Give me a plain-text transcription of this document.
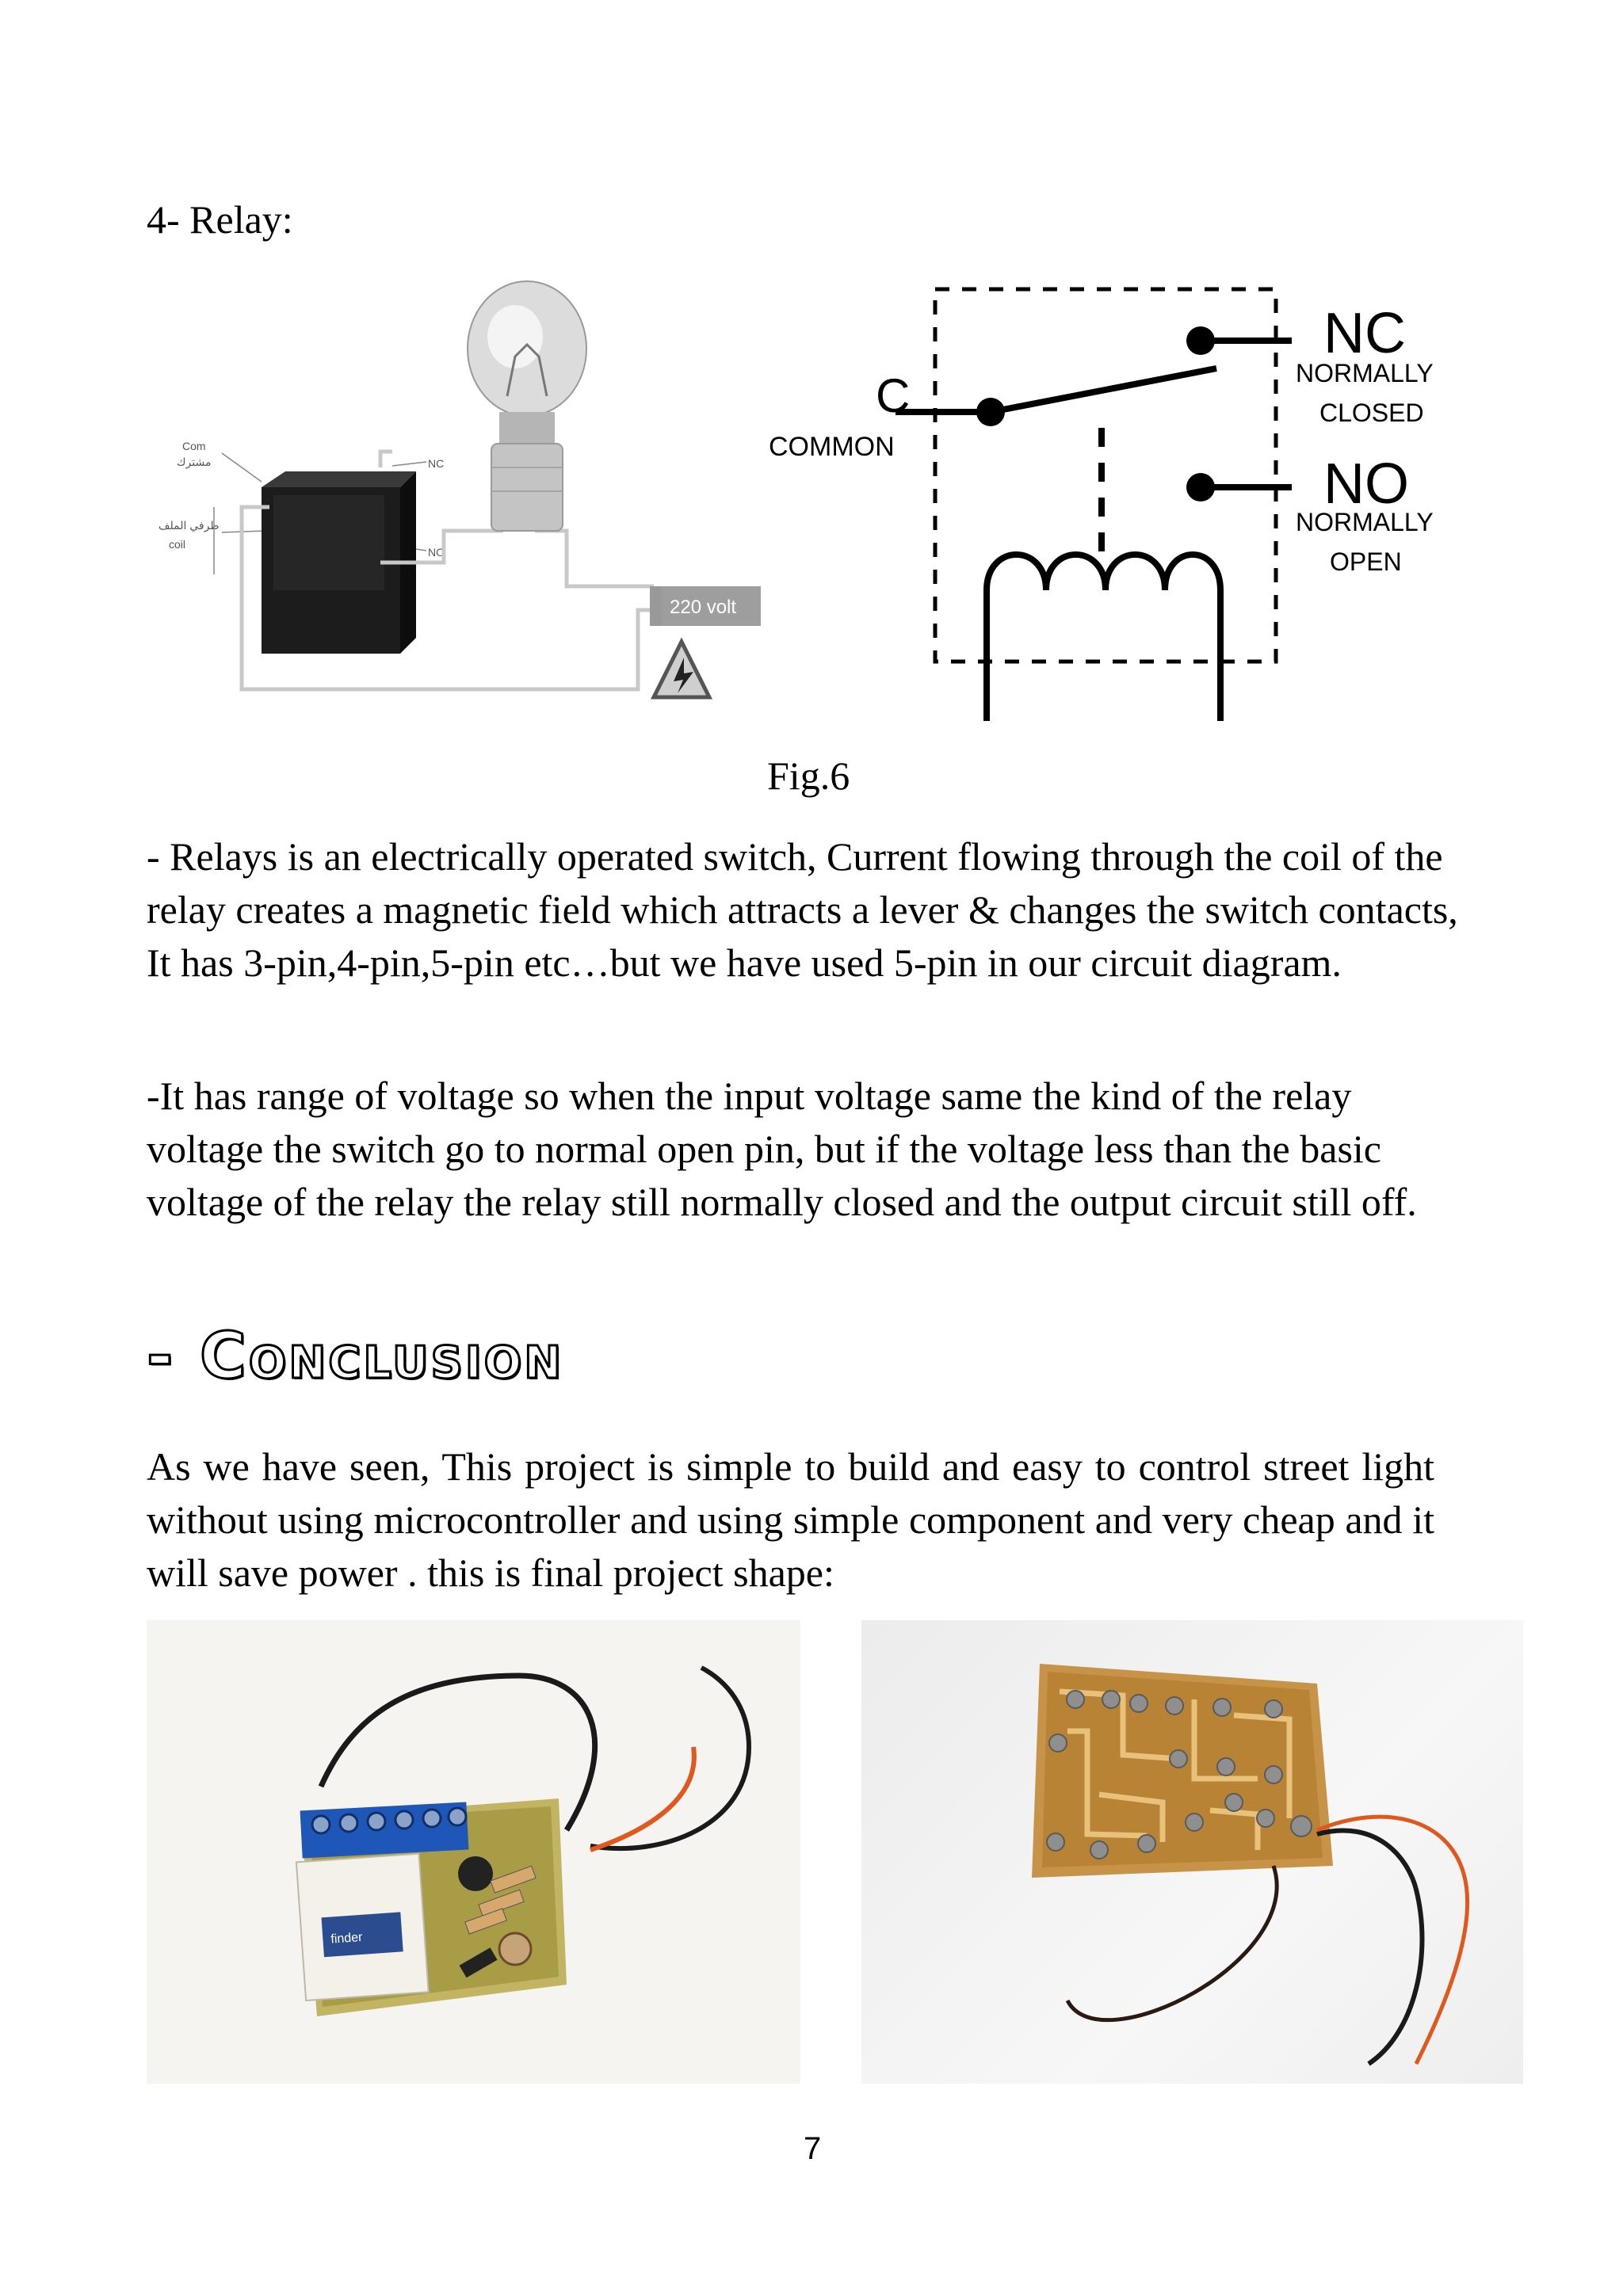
4- Relay:
Com
مشترك
طرفي الملف
coil
NC
NO
220 volt
C
COMMON
NC
NORMALLY
CLOSED
NO
NORMALLY
OPEN
Fig.6

- Relays is an electrically operated switch, Current flowing through the coil of the relay creates a magnetic field which attracts a lever & changes the switch contacts, It has 3-pin,4-pin,5-pin etc…but we have used 5-pin in our circuit diagram.

-It has range of voltage so when the input voltage same the kind of the relay voltage the switch go to normal open pin, but if the voltage less than the basic voltage of the relay the relay still normally closed and the output circuit still off.

- Conclusion

As we have seen, This project is simple to build and easy to control street light without using microcontroller and using simple component and very cheap and it will save power . this is final project shape:

finder
7
